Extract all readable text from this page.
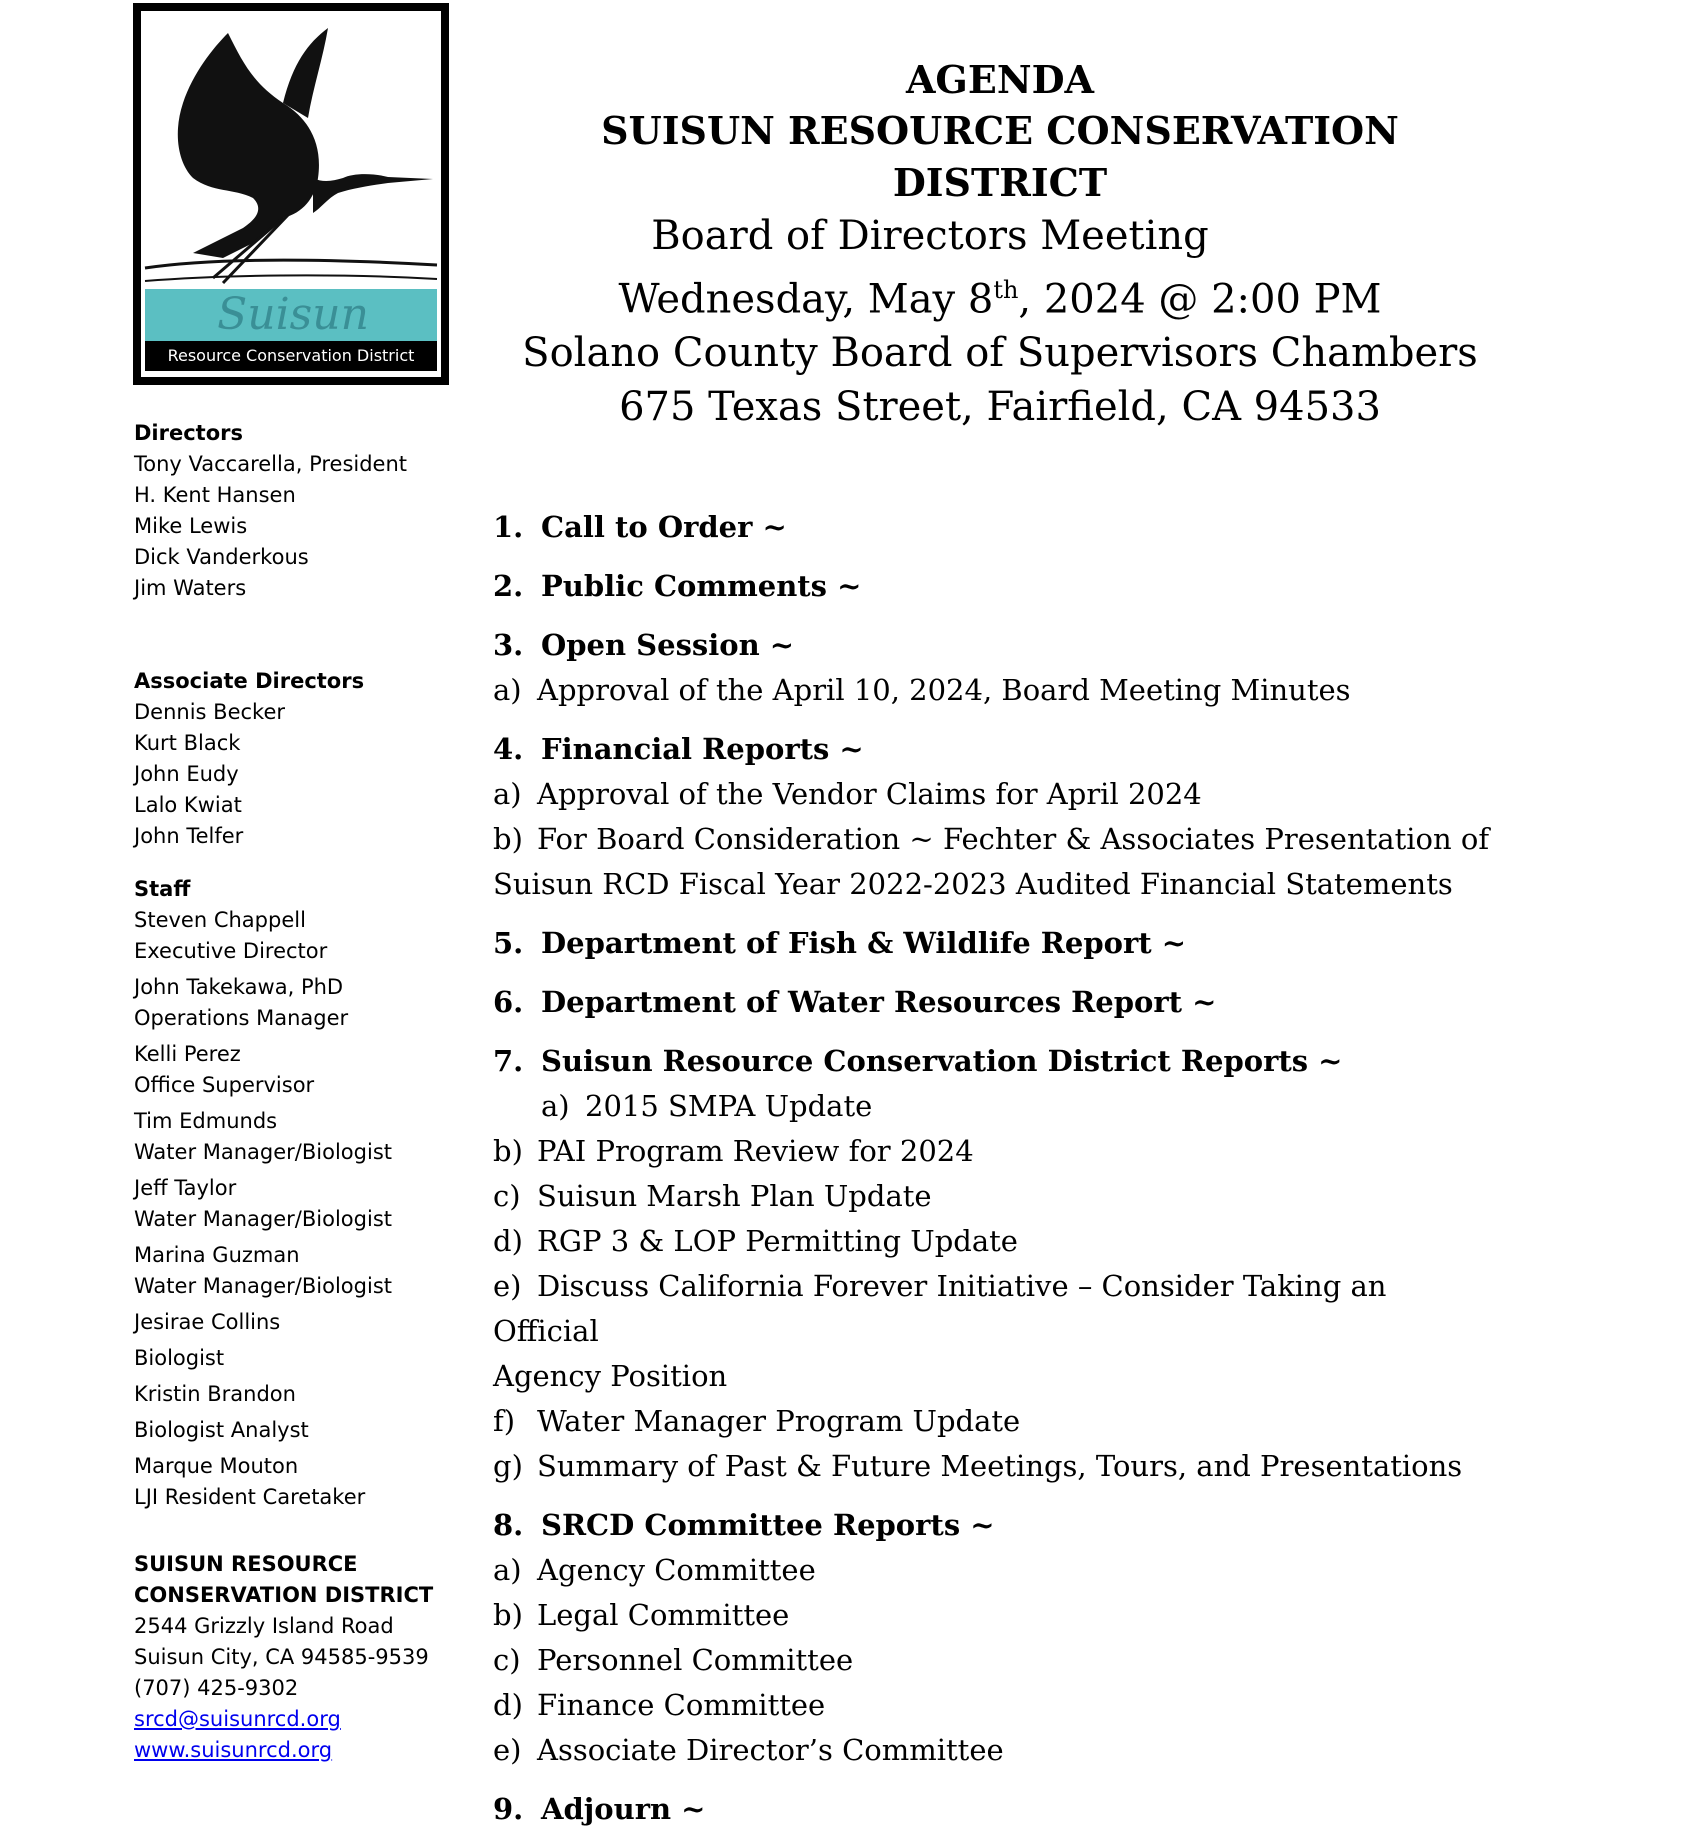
Suisun
Resource Conservation District

AGENDA

SUISUN RESOURCE CONSERVATION DISTRICT

Board of Directors Meeting

Wednesday, May 8th, 2024 @ 2:00 PM

Solano County Board of Supervisors Chambers

675 Texas Street, Fairfield, CA 94533

Directors
Tony Vaccarella, President
H. Kent Hansen
Mike Lewis
Dick Vanderkous
Jim Waters
Associate Directors
Dennis Becker
Kurt Black
John Eudy
Lalo Kwiat
John Telfer
Staff
Steven Chappell
Executive Director
John Takekawa, PhD
Operations Manager
Kelli Perez
Office Supervisor
Tim Edmunds
Water Manager/Biologist
Jeff Taylor
Water Manager/Biologist
Marina Guzman
Water Manager/Biologist
Jesirae Collins
Biologist
Kristin Brandon
Biologist Analyst
Marque Mouton
LJI Resident Caretaker
SUISUN RESOURCE
CONSERVATION DISTRICT
2544 Grizzly Island Road
Suisun City, CA 94585-9539
(707) 425-9302
srcd@suisunrcd.org
www.suisunrcd.org
1. Call to Order ~
2. Public Comments ~
3. Open Session ~
a) Approval of the April 10, 2024, Board Meeting Minutes
4. Financial Reports ~
a) Approval of the Vendor Claims for April 2024
b) For Board Consideration ~ Fechter & Associates Presentation of
Suisun RCD Fiscal Year 2022-2023 Audited Financial Statements
5. Department of Fish & Wildlife Report ~
6. Department of Water Resources Report ~
7. Suisun Resource Conservation District Reports ~
a) 2015 SMPA Update
b) PAI Program Review for 2024
c) Suisun Marsh Plan Update
d) RGP 3 & LOP Permitting Update
e) Discuss California Forever Initiative – Consider Taking an Official
Agency Position
f) Water Manager Program Update
g) Summary of Past & Future Meetings, Tours, and Presentations
8. SRCD Committee Reports ~
a) Agency Committee
b) Legal Committee
c) Personnel Committee
d) Finance Committee
e) Associate Director’s Committee
9. Adjourn ~
